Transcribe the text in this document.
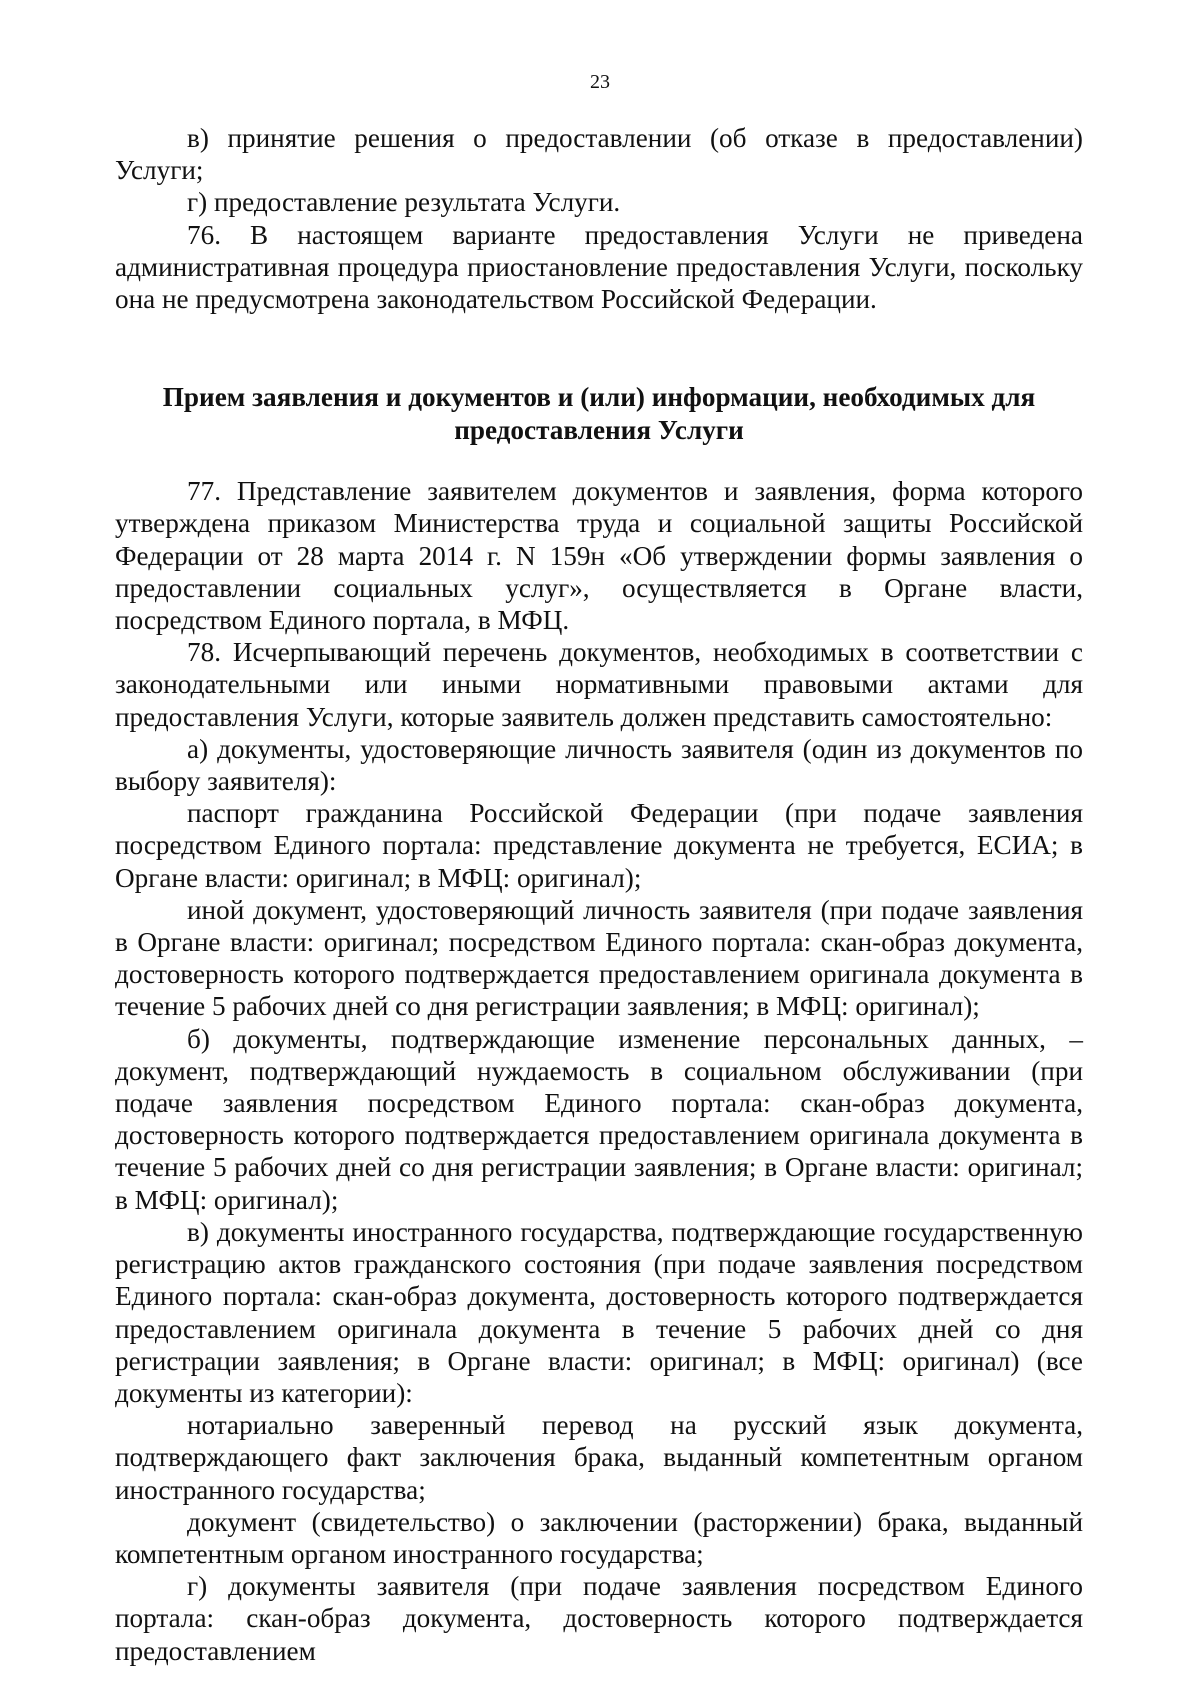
23

в) принятие решения о предоставлении (об отказе в предоставлении) Услуги;

г) предоставление результата Услуги.

76. В настоящем варианте предоставления Услуги не приведена административная процедура приостановление предоставления Услуги, поскольку она не предусмотрена законодательством Российской Федерации.

Прием заявления и документов и (или) информации, необходимых для предоставления Услуги

77. Представление заявителем документов и заявления, форма которого утверждена приказом Министерства труда и социальной защиты Российской Федерации от 28 марта 2014 г. N 159н «Об утверждении формы заявления о предоставлении социальных услуг», осуществляется в Органе власти, посредством Единого портала, в МФЦ.

78. Исчерпывающий перечень документов, необходимых в соответствии с законодательными или иными нормативными правовыми актами для предоставления Услуги, которые заявитель должен представить самостоятельно:

а) документы, удостоверяющие личность заявителя (один из документов по выбору заявителя):

паспорт гражданина Российской Федерации (при подаче заявления посредством Единого портала: представление документа не требуется, ЕСИА; в Органе власти: оригинал; в МФЦ: оригинал);

иной документ, удостоверяющий личность заявителя (при подаче заявления в Органе власти: оригинал; посредством Единого портала: скан-образ документа, достоверность которого подтверждается предоставлением оригинала документа в течение 5 рабочих дней со дня регистрации заявления; в МФЦ: оригинал);

б) документы, подтверждающие изменение персональных данных, – документ, подтверждающий нуждаемость в социальном обслуживании (при подаче заявления посредством Единого портала: скан-образ документа, достоверность которого подтверждается предоставлением оригинала документа в течение 5 рабочих дней со дня регистрации заявления; в Органе власти: оригинал; в МФЦ: оригинал);

в) документы иностранного государства, подтверждающие государственную регистрацию актов гражданского состояния (при подаче заявления посредством Единого портала: скан-образ документа, достоверность которого подтверждается предоставлением оригинала документа в течение 5 рабочих дней со дня регистрации заявления; в Органе власти: оригинал; в МФЦ: оригинал) (все документы из категории):

нотариально заверенный перевод на русский язык документа, подтверждающего факт заключения брака, выданный компетентным органом иностранного государства;

документ (свидетельство) о заключении (расторжении) брака, выданный компетентным органом иностранного государства;

г) документы заявителя (при подаче заявления посредством Единого портала: скан-образ документа, достоверность которого подтверждается предоставлением
